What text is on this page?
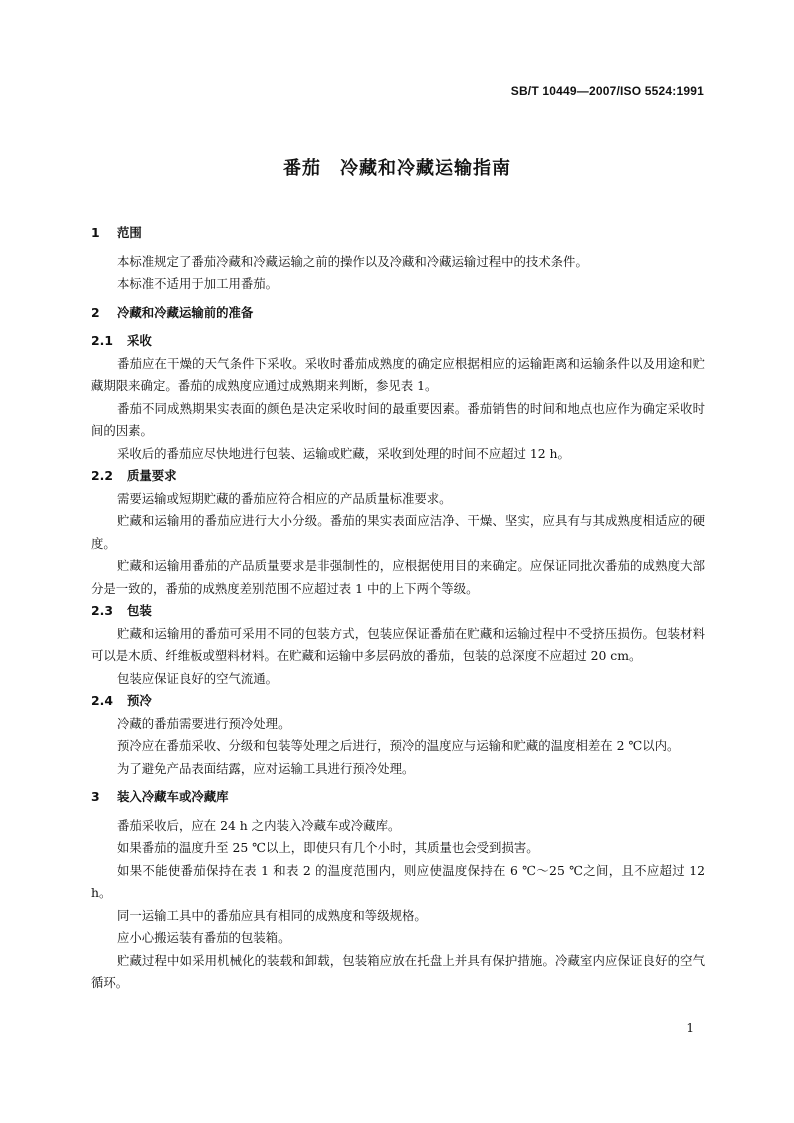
SB/T 10449—2007/ISO 5524:1991
番茄　冷藏和冷藏运输指南
1 范围

本标准规定了番茄冷藏和冷藏运输之前的操作以及冷藏和冷藏运输过程中的技术条件。

本标准不适用于加工用番茄。

2 冷藏和冷藏运输前的准备
2.1 采收

番茄应在干燥的天气条件下采收。采收时番茄成熟度的确定应根据相应的运输距离和运输条件以及用途和贮藏期限来确定。番茄的成熟度应通过成熟期来判断，参见表 1。

番茄不同成熟期果实表面的颜色是决定采收时间的最重要因素。番茄销售的时间和地点也应作为确定采收时间的因素。

采收后的番茄应尽快地进行包装、运输或贮藏，采收到处理的时间不应超过 12 h。

2.2 质量要求

需要运输或短期贮藏的番茄应符合相应的产品质量标准要求。

贮藏和运输用的番茄应进行大小分级。番茄的果实表面应洁净、干燥、坚实，应具有与其成熟度相适应的硬度。

贮藏和运输用番茄的产品质量要求是非强制性的，应根据使用目的来确定。应保证同批次番茄的成熟度大部分是一致的，番茄的成熟度差别范围不应超过表 1 中的上下两个等级。

2.3 包装

贮藏和运输用的番茄可采用不同的包装方式，包装应保证番茄在贮藏和运输过程中不受挤压损伤。包装材料可以是木质、纤维板或塑料材料。在贮藏和运输中多层码放的番茄，包装的总深度不应超过 20 cm。

包装应保证良好的空气流通。

2.4 预冷

冷藏的番茄需要进行预冷处理。

预冷应在番茄采收、分级和包装等处理之后进行，预冷的温度应与运输和贮藏的温度相差在 2 ℃以内。

为了避免产品表面结露，应对运输工具进行预冷处理。

3 装入冷藏车或冷藏库

番茄采收后，应在 24 h 之内装入冷藏车或冷藏库。

如果番茄的温度升至 25 ℃以上，即使只有几个小时，其质量也会受到损害。

如果不能使番茄保持在表 1 和表 2 的温度范围内，则应使温度保持在 6 ℃～25 ℃之间，且不应超过 12 h。

同一运输工具中的番茄应具有相同的成熟度和等级规格。

应小心搬运装有番茄的包装箱。

贮藏过程中如采用机械化的装载和卸载，包装箱应放在托盘上并具有保护措施。冷藏室内应保证良好的空气循环。

1
